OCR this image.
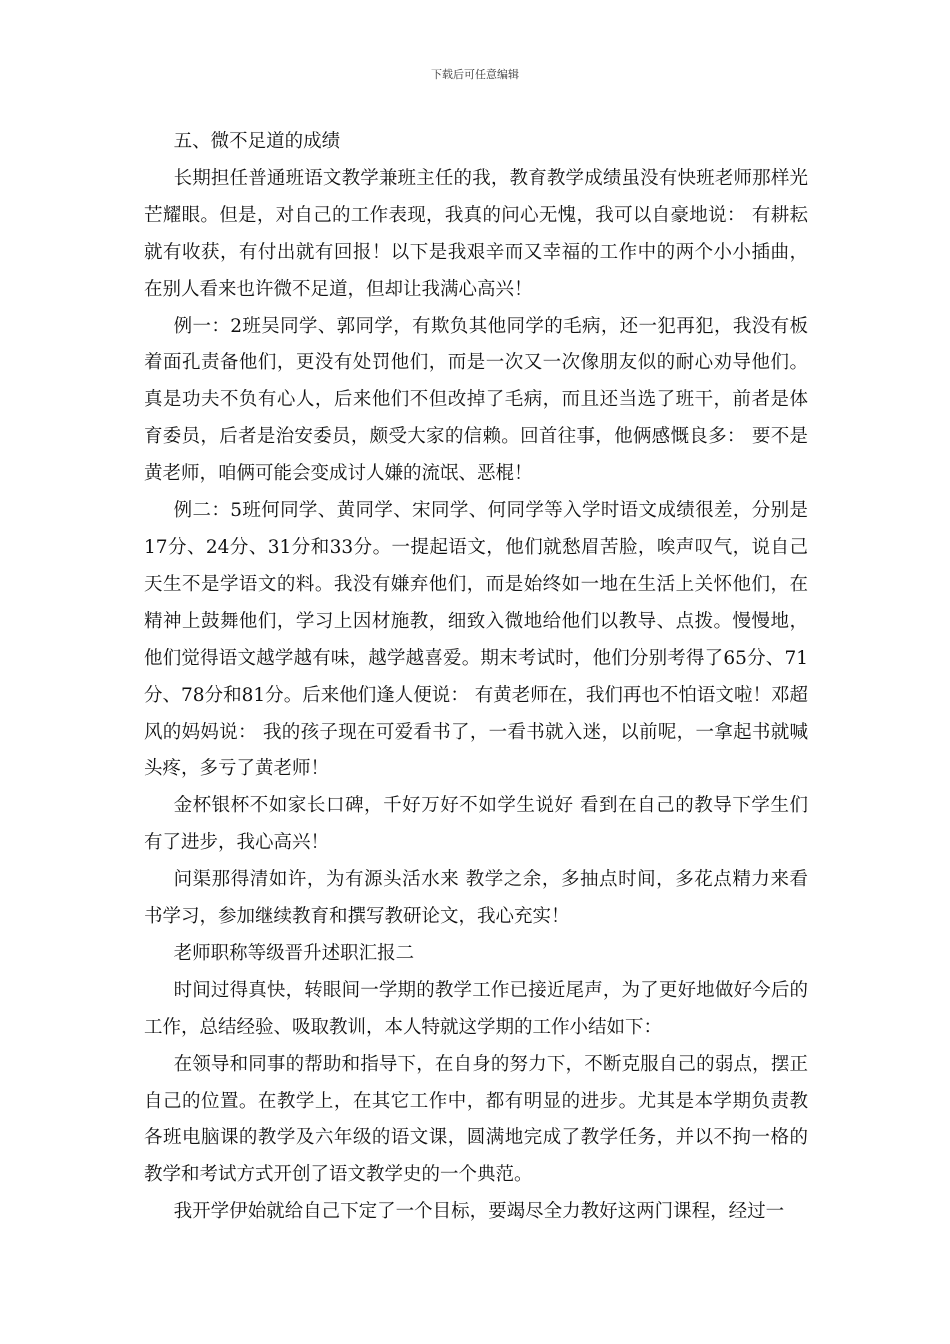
下载后可任意编辑

五、微不足道的成绩

长期担任普通班语文教学兼班主任的我，教育教学成绩虽没有快班老师那样光芒耀眼。但是，对自己的工作表现，我真的问心无愧，我可以自豪地说： 有耕耘就有收获，有付出就有回报！以下是我艰辛而又幸福的工作中的两个小小插曲，在别人看来也许微不足道，但却让我满心高兴！

例一：2班吴同学、郭同学，有欺负其他同学的毛病，还一犯再犯，我没有板着面孔责备他们，更没有处罚他们，而是一次又一次像朋友似的耐心劝导他们。真是功夫不负有心人，后来他们不但改掉了毛病，而且还当选了班干，前者是体育委员，后者是治安委员，颇受大家的信赖。回首往事，他俩感慨良多： 要不是黄老师，咱俩可能会变成讨人嫌的流氓、恶棍！

例二：5班何同学、黄同学、宋同学、何同学等入学时语文成绩很差，分别是17分、24分、31分和33分。一提起语文，他们就愁眉苦脸，唉声叹气，说自己天生不是学语文的料。我没有嫌弃他们，而是始终如一地在生活上关怀他们，在精神上鼓舞他们，学习上因材施教，细致入微地给他们以教导、点拨。慢慢地，他们觉得语文越学越有味，越学越喜爱。期末考试时，他们分别考得了65分、71分、78分和81分。后来他们逢人便说： 有黄老师在，我们再也不怕语文啦！邓超风的妈妈说： 我的孩子现在可爱看书了，一看书就入迷，以前呢，一拿起书就喊头疼，多亏了黄老师！

金杯银杯不如家长口碑，千好万好不如学生说好 看到在自己的教导下学生们有了进步，我心高兴！

问渠那得清如许，为有源头活水来 教学之余，多抽点时间，多花点精力来看书学习，参加继续教育和撰写教研论文，我心充实！

老师职称等级晋升述职汇报二

时间过得真快，转眼间一学期的教学工作已接近尾声，为了更好地做好今后的工作，总结经验、吸取教训，本人特就这学期的工作小结如下：

在领导和同事的帮助和指导下，在自身的努力下，不断克服自己的弱点，摆正自己的位置。在教学上，在其它工作中，都有明显的进步。尤其是本学期负责教各班电脑课的教学及六年级的语文课，圆满地完成了教学任务，并以不拘一格的教学和考试方式开创了语文教学史的一个典范。

我开学伊始就给自己下定了一个目标，要竭尽全力教好这两门课程，经过一
